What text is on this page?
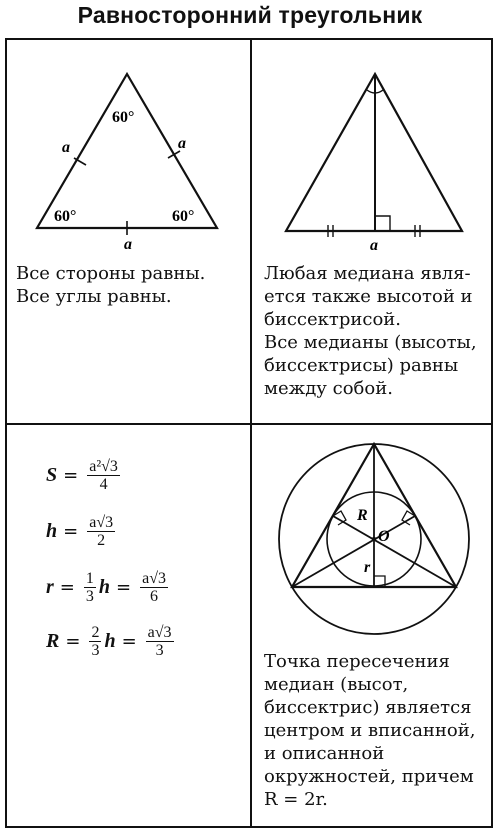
Равносторонний треугольник
60°
60°	60°
a	a
a	a

Все стороны равны.

Все углы равны.

Любая медиана явля-

ется также высотой и

биссектрисой.

Все медианы (высоты,

биссектрисы) равны

между собой.

$S = \frac{\text{a²√3}}{4}$
$h = \frac{a√3}{2}$
$r = \frac{1}{3}$ $h = \frac{a√3}{6}$
$R = \frac{2}{3}$ $h = \frac{a√3}{3}$
R
O
r

Точка пересечения

медиан (высот,

биссектрис) является

центром и вписанной,

и описанной

окружностей, причем

R = 2r.
